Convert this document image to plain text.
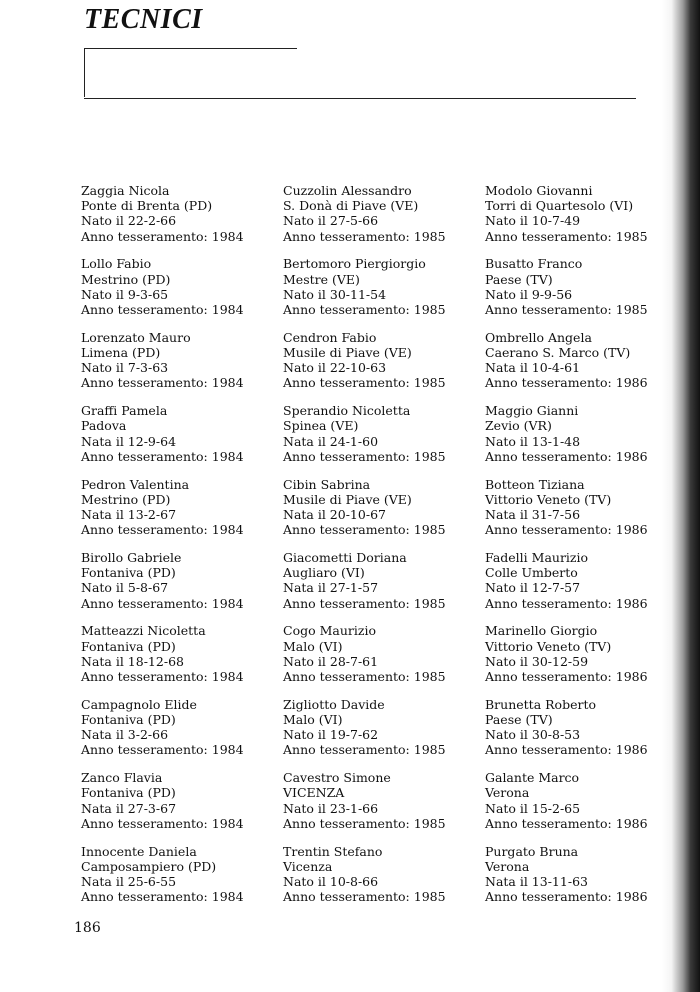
TECNICI
Zaggia Nicola
Ponte di Brenta (PD)
Nato il 22-2-66
Anno tesseramento: 1984
Lollo Fabio
Mestrino (PD)
Nato il 9-3-65
Anno tesseramento: 1984
Lorenzato Mauro
Limena (PD)
Nato il 7-3-63
Anno tesseramento: 1984
Graffi Pamela
Padova
Nata il 12-9-64
Anno tesseramento: 1984
Pedron Valentina
Mestrino (PD)
Nata il 13-2-67
Anno tesseramento: 1984
Birollo Gabriele
Fontaniva (PD)
Nato il 5-8-67
Anno tesseramento: 1984
Matteazzi Nicoletta
Fontaniva (PD)
Nata il 18-12-68
Anno tesseramento: 1984
Campagnolo Elide
Fontaniva (PD)
Nata il 3-2-66
Anno tesseramento: 1984
Zanco Flavia
Fontaniva (PD)
Nata il 27-3-67
Anno tesseramento: 1984
Innocente Daniela
Camposampiero (PD)
Nata il 25-6-55
Anno tesseramento: 1984
Cuzzolin Alessandro
S. Donà di Piave (VE)
Nato il 27-5-66
Anno tesseramento: 1985
Bertomoro Piergiorgio
Mestre (VE)
Nato il 30-11-54
Anno tesseramento: 1985
Cendron Fabio
Musile di Piave (VE)
Nato il 22-10-63
Anno tesseramento: 1985
Sperandio Nicoletta
Spinea (VE)
Nata il 24-1-60
Anno tesseramento: 1985
Cibin Sabrina
Musile di Piave (VE)
Nata il 20-10-67
Anno tesseramento: 1985
Giacometti Doriana
Augliaro (VI)
Nata il 27-1-57
Anno tesseramento: 1985
Cogo Maurizio
Malo (VI)
Nato il 28-7-61
Anno tesseramento: 1985
Zigliotto Davide
Malo (VI)
Nato il 19-7-62
Anno tesseramento: 1985
Cavestro Simone
VICENZA
Nato il 23-1-66
Anno tesseramento: 1985
Trentin Stefano
Vicenza
Nato il 10-8-66
Anno tesseramento: 1985
Modolo Giovanni
Torri di Quartesolo (VI)
Nato il 10-7-49
Anno tesseramento: 1985
Busatto Franco
Paese (TV)
Nato il 9-9-56
Anno tesseramento: 1985
Ombrello Angela
Caerano S. Marco (TV)
Nata il 10-4-61
Anno tesseramento: 1986
Maggio Gianni
Zevio (VR)
Nato il 13-1-48
Anno tesseramento: 1986
Botteon Tiziana
Vittorio Veneto (TV)
Nata il 31-7-56
Anno tesseramento: 1986
Fadelli Maurizio
Colle Umberto
Nato il 12-7-57
Anno tesseramento: 1986
Marinello Giorgio
Vittorio Veneto (TV)
Nato il 30-12-59
Anno tesseramento: 1986
Brunetta Roberto
Paese (TV)
Nato il 30-8-53
Anno tesseramento: 1986
Galante Marco
Verona
Nato il 15-2-65
Anno tesseramento: 1986
Purgato Bruna
Verona
Nata il 13-11-63
Anno tesseramento: 1986
186
